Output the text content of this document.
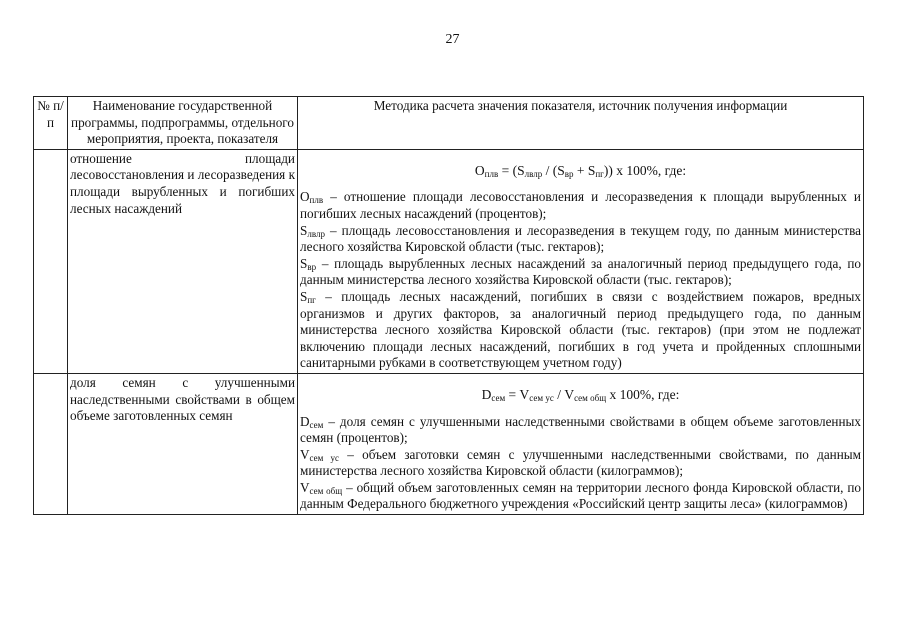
27
№ п/п	Наименование государственной программы, подпрограммы, отдельного мероприятия, проекта, показателя	Методика расчета значения показателя, источник получения информации
	отношение площади лесовосстановления и лесоразведения к площади вырубленных и погибших лесных насаждений	$О_{плв} = (S_{лвлр} / (S_{вр} + S_{пг}))$ х 100%, где:

$О_{плв}$ – отношение площади лесовосстановления и лесоразведения к площади вырубленных и погибших лесных насаждений (процентов);

$S_{лвлр}$ – площадь лесовосстановления и лесоразведения в текущем году, по данным министерства лесного хозяйства Кировской области (тыс. гектаров);

$S_{вр}$ – площадь вырубленных лесных насаждений за аналогичный период предыдущего года, по данным министерства лесного хозяйства Кировской области (тыс. гектаров);

$S_{пг}$ – площадь лесных насаждений, погибших в связи с воздействием пожаров, вредных организмов и других факторов, за аналогичный период предыдущего года, по данным министерства лесного хозяйства Кировской области (тыс. гектаров) (при этом не подлежат включению площади лесных насаждений, погибших в год учета и пройденных сплошными санитарными рубками в соответствующем учетном году)

	доля семян с улучшенными наследственными свойствами в общем объеме заготовленных семян	$D_{сем} = V_{сем ус} / V_{сем общ}$ х 100%, где:

$D_{сем}$ – доля семян с улучшенными наследственными свойствами в общем объеме заготовленных семян (процентов);

$V_{сем ус}$ – объем заготовки семян с улучшенными наследственными свойствами, по данным министерства лесного хозяйства Кировской области (килограммов);

$V_{сем общ}$ – общий объем заготовленных семян на территории лесного фонда Кировской области, по данным Федерального бюджетного учреждения «Российский центр защиты леса» (килограммов)
